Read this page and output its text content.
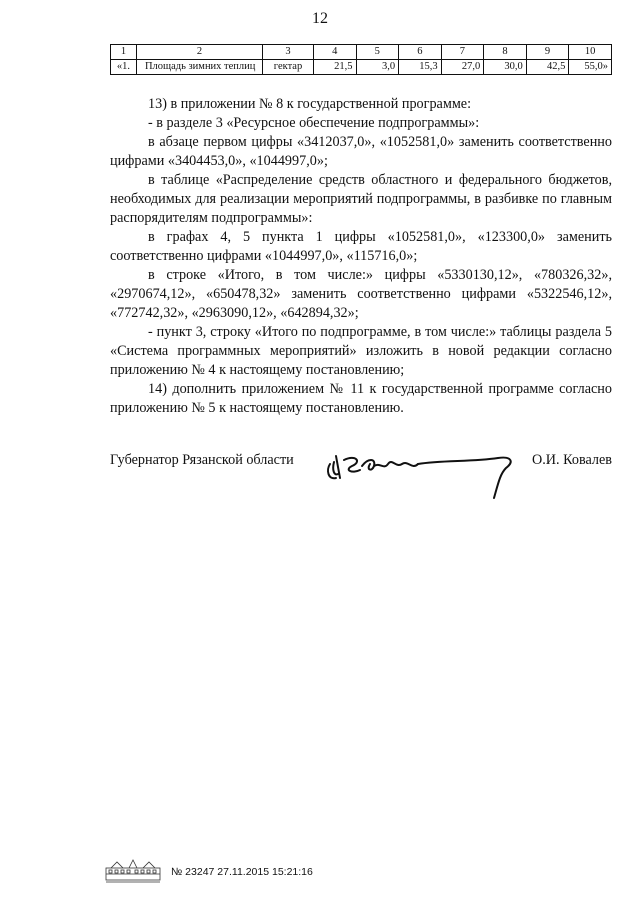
12
1	2	3	4	5	6	7	8	9	10
«1.	Площадь зимних теплиц	гектар	21,5	3,0	15,3	27,0	30,0	42,5	55,0»

13) в приложении № 8 к государственной программе:

- в разделе 3 «Ресурсное обеспечение подпрограммы»:

в абзаце первом цифры «3412037,0», «1052581,0» заменить соответственно цифрами «3404453,0», «1044997,0»;

в таблице «Распределение средств областного и федерального бюджетов, необходимых для реализации мероприятий подпрограммы, в разбивке по главным распорядителям подпрограммы»:

в графах 4, 5 пункта 1 цифры «1052581,0», «123300,0» заменить соответственно цифрами «1044997,0», «115716,0»;

в строке «Итого, в том числе:» цифры «5330130,12», «780326,32», «2970674,12», «650478,32» заменить соответственно цифрами «5322546,12», «772742,32», «2963090,12», «642894,32»;

- пункт 3, строку «Итого по подпрограмме, в том числе:» таблицы раздела 5 «Система программных мероприятий» изложить в новой редакции согласно приложению № 4 к настоящему постановлению;

14) дополнить приложением № 11 к государственной программе согласно приложению № 5 к настоящему постановлению.

Губернатор Рязанской области	О.И. Ковалев
№ 23247 27.11.2015 15:21:16
